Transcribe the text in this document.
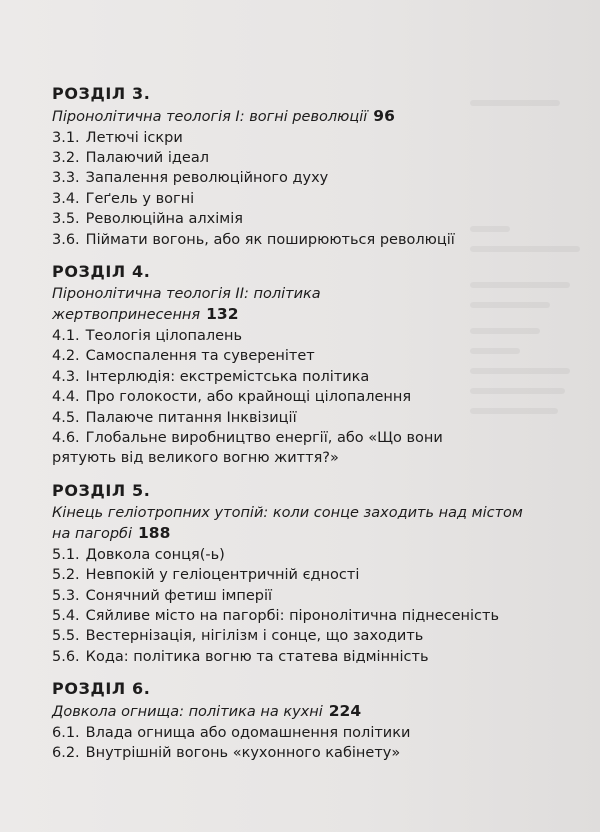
РОЗДІЛ 3.

Піронолітична теологія І: вогні революції 96

3.1. Летючі іскри
3.2. Палаючий ідеал
3.3. Запалення революційного духу
3.4. Геґель у вогні
3.5. Революційна алхімія
3.6. Піймати вогонь, або як поширюються революції
РОЗДІЛ 4.

Піронолітична теологія ІІ: політика жертвопринесення 132

4.1. Теологія цілопалень
4.2. Самоспалення та суверенітет
4.3. Інтерлюдія: екстремістська політика
4.4. Про голокости, або крайнощі цілопалення
4.5. Палаюче питання Інквізиції
4.6. Глобальне виробництво енергії, або «Що вони рятують від великого вогню життя?»
РОЗДІЛ 5.

Кінець геліотропних утопій: коли сонце заходить над містом на пагорбі 188

5.1. Довкола сонця(-ь)
5.2. Невпокій у геліоцентричній єдності
5.3. Сонячний фетиш імперії
5.4. Сяйливе місто на пагорбі: піронолітична піднесеність
5.5. Вестернізація, нігілізм і сонце, що заходить
5.6. Кода: політика вогню та статева відмінність
РОЗДІЛ 6.

Довкола огнища: політика на кухні 224

6.1. Влада огнища або одомашнення політики
6.2. Внутрішній вогонь «кухонного кабінету»
